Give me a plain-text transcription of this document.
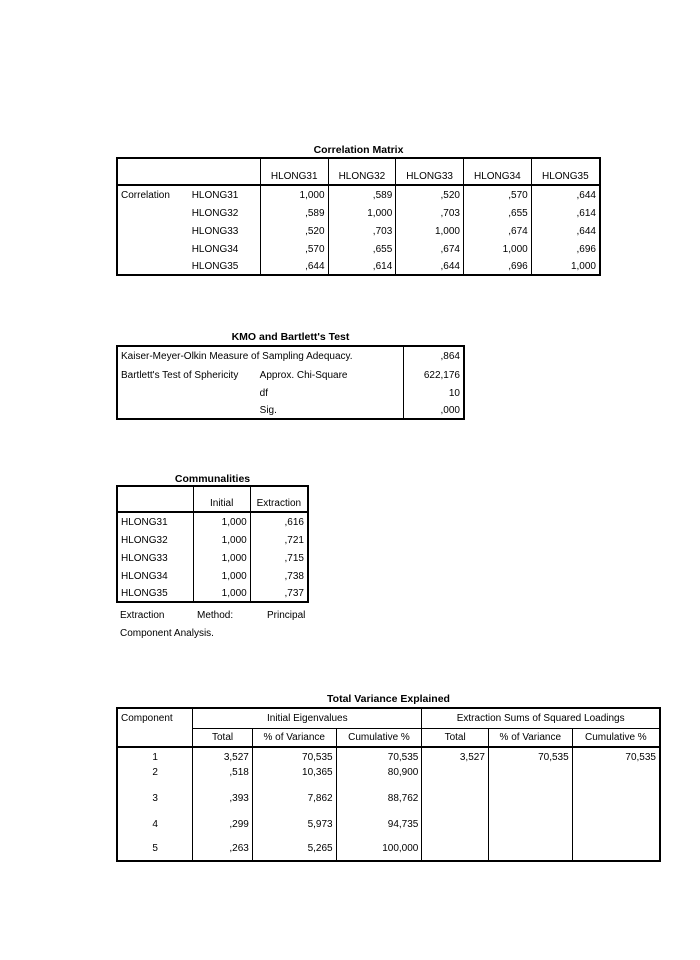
Correlation Matrix
		HLONG31	HLONG32	HLONG33	HLONG34	HLONG35
Correlation	HLONG31	1,000	,589	,520	,570	,644
	HLONG32	,589	1,000	,703	,655	,614
	HLONG33	,520	,703	1,000	,674	,644
	HLONG34	,570	,655	,674	1,000	,696
	HLONG35	,644	,614	,644	,696	1,000
KMO and Bartlett's Test
Kaiser-Meyer-Olkin Measure of Sampling Adequacy.		,864
Bartlett's Test of Sphericity	Approx. Chi-Square	622,176
	df	10
	Sig.	,000
Communalities
	Initial	Extraction
HLONG31	1,000	,616
HLONG32	1,000	,721
HLONG33	1,000	,715
HLONG34	1,000	,738
HLONG35	1,000	,737
Extraction	Method:	Principal
Component Analysis.
Total Variance Explained
Component	Initial Eigenvalues			Extraction Sums of Squared Loadings		
	Total	% of Variance	Cumulative %	Total	% of Variance	Cumulative %
1	3,527	70,535	70,535	3,527	70,535	70,535
2	,518	10,365	80,900			
3	,393	7,862	88,762			
4	,299	5,973	94,735			
5	,263	5,265	100,000			
